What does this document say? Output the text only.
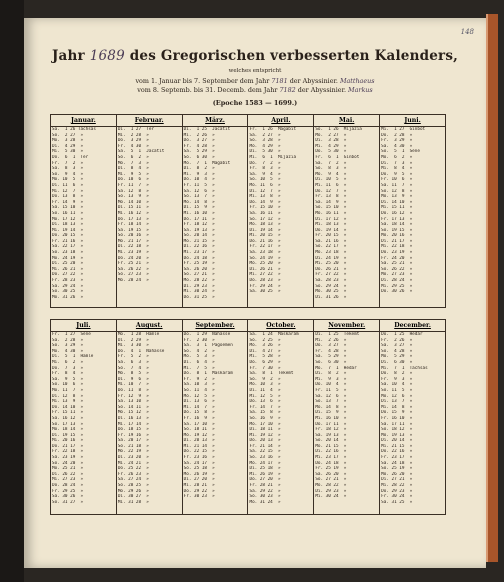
148
Jahr 1689 des Gregorischen verbesserten Kalenders,
welches entspricht
vom 1. Januar bis 7. September dem Jahr 7181 der Abyssinier. Matthaeus
vom 8. Septemb. bis 31. Decemb. dem Jahr 7182 der Abyssinier. Markus
(Epoche 1583 — 1699.)
Januar.
Sa.  1 26 Tachsas
So.  2 27  »
Mo.  3 28  »
Di.  4 29  »
Mi.  5 30  »
Do.  6  1  Ter
Fr.  7  2  »
Sa.  8  3  »
So.  9  4  »
Mo. 10  5  »
Di. 11  6  »
Mi. 12  7  »
Do. 13  8  »
Fr. 14  9  »
Sa. 15 10  »
So. 16 11  »
Mo. 17 12  »
Di. 18 13  »
Mi. 19 14  »
Do. 20 15  »
Fr. 21 16  »
Sa. 22 17  »
So. 23 18  »
Mo. 24 19  »
Di. 25 20  »
Mi. 26 21  »
Do. 27 22  »
Fr. 28 23  »
Sa. 29 24  »
So. 30 25  »
Mo. 31 26  »
Februar.
Di.  1 27  Ter
Mi.  2 28  »
Do.  3 29  »
Fr.  4 30  »
Sa.  5  1  Jacatit
So.  6  2  »
Mo.  7  3  »
Di.  8  4  »
Mi.  9  5  »
Do. 10  6  »
Fr. 11  7  »
Sa. 12  8  »
So. 13  9  »
Mo. 14 10  »
Di. 15 11  »
Mi. 16 12  »
Do. 17 13  »
Fr. 18 14  »
Sa. 19 15  »
So. 20 16  »
Mo. 21 17  »
Di. 22 18  »
Mi. 23 19  »
Do. 24 20  »
Fr. 25 21  »
Sa. 26 22  »
So. 27 23  »
Mo. 28 24  »
März.
Di.  1 25  Jacatit
Mi.  2 26  »
Do.  3 27  »
Fr.  4 28  »
Sa.  5 29  »
So.  6 30  »
Mo.  7  1  Magabit
Di.  8  2  »
Mi.  9  3  »
Do. 10  4  »
Fr. 11  5  »
Sa. 12  6  »
So. 13  7  »
Mo. 14  8  »
Di. 15  9  »
Mi. 16 10  »
Do. 17 11  »
Fr. 18 12  »
Sa. 19 13  »
So. 20 14  »
Mo. 21 15  »
Di. 22 16  »
Mi. 23 17  »
Do. 24 18  »
Fr. 25 19  »
Sa. 26 20  »
So. 27 21  »
Mo. 28 22  »
Di. 29 23  »
Mi. 30 24  »
Do. 31 25  »
April.
Fr.  1 26  Magabit
Sa.  2 27  »
So.  3 28  »
Mo.  4 29  »
Di.  5 30  »
Mi.  6  1  Mijazia
Do.  7  2  »
Fr.  8  3  »
Sa.  9  4  »
So. 10  5  »
Mo. 11  6  »
Di. 12  7  »
Mi. 13  8  »
Do. 14  9  »
Fr. 15 10  »
Sa. 16 11  »
So. 17 12  »
Mo. 18 13  »
Di. 19 14  »
Mi. 20 15  »
Do. 21 16  »
Fr. 22 17  »
Sa. 23 18  »
So. 24 19  »
Mo. 25 20  »
Di. 26 21  »
Mi. 27 22  »
Do. 28 23  »
Fr. 29 24  »
Sa. 30 25  »
Mai.
So.  1 26  Mijazia
Mo.  2 27  »
Di.  3 28  »
Mi.  4 29  »
Do.  5 30  »
Fr.  6  1  Ginbot
Sa.  7  2  »
So.  8  3  »
Mo.  9  4  »
Di. 10  5  »
Mi. 11  6  »
Do. 12  7  »
Fr. 13  8  »
Sa. 14  9  »
So. 15 10  »
Mo. 16 11  »
Di. 17 12  »
Mi. 18 13  »
Do. 19 14  »
Fr. 20 15  »
Sa. 21 16  »
So. 22 17  »
Mo. 23 18  »
Di. 24 19  »
Mi. 25 20  »
Do. 26 21  »
Fr. 27 22  »
Sa. 28 23  »
So. 29 24  »
Mo. 30 25  »
Di. 31 26  »
Juni.
Mi.  1 27  Ginbot
Do.  2 28  »
Fr.  3 29  »
Sa.  4 30  »
So.  5  1  Sene
Mo.  6  2  »
Di.  7  3  »
Mi.  8  4  »
Do.  9  5  »
Fr. 10  6  »
Sa. 11  7  »
So. 12  8  »
Mo. 13  9  »
Di. 14 10  »
Mi. 15 11  »
Do. 16 12  »
Fr. 17 13  »
Sa. 18 14  »
So. 19 15  »
Mo. 20 16  »
Di. 21 17  »
Mi. 22 18  »
Do. 23 19  »
Fr. 24 20  »
Sa. 25 21  »
So. 26 22  »
Mo. 27 23  »
Di. 28 24  »
Mi. 29 25  »
Do. 30 26  »
Juli.
Fr.  1 27  Sene
Sa.  2 28  »
So.  3 29  »
Mo.  4 30  »
Di.  5  1  Hamle
Mi.  6  2  »
Do.  7  3  »
Fr.  8  4  »
Sa.  9  5  »
So. 10  6  »
Mo. 11  7  »
Di. 12  8  »
Mi. 13  9  »
Do. 14 10  »
Fr. 15 11  »
Sa. 16 12  »
So. 17 13  »
Mo. 18 14  »
Di. 19 15  »
Mi. 20 16  »
Do. 21 17  »
Fr. 22 18  »
Sa. 23 19  »
So. 24 20  »
Mo. 25 21  »
Di. 26 22  »
Mi. 27 23  »
Do. 28 24  »
Fr. 29 25  »
Sa. 30 26  »
So. 31 27  »
August.
Mo.  1 28  Hamle
Di.  2 29  »
Mi.  3 30  »
Do.  4  1  Nahasse
Fr.  5  2  »
Sa.  6  3  »
So.  7  4  »
Mo.  8  5  »
Di.  9  6  »
Mi. 10  7  »
Do. 11  8  »
Fr. 12  9  »
Sa. 13 10  »
So. 14 11  »
Mo. 15 12  »
Di. 16 13  »
Mi. 17 14  »
Do. 18 15  »
Fr. 19 16  »
Sa. 20 17  »
So. 21 18  »
Mo. 22 19  »
Di. 23 20  »
Mi. 24 21  »
Do. 25 22  »
Fr. 26 23  »
Sa. 27 24  »
So. 28 25  »
Mo. 29 26  »
Di. 30 27  »
Mi. 31 28  »
September.
Do.  1 29  Nahasse
Fr.  2 30  »
Sa.  3  1  Pagoemen
So.  4  2  »
Mo.  5  3  »
Di.  6  4  »
Mi.  7  5  »
Do.  8  1  Maskaram
Fr.  9  2  »
Sa. 10  3  »
So. 11  4  »
Mo. 12  5  »
Di. 13  6  »
Mi. 14  7  »
Do. 15  8  »
Fr. 16  9  »
Sa. 17 10  »
So. 18 11  »
Mo. 19 12  »
Di. 20 13  »
Mi. 21 14  »
Do. 22 15  »
Fr. 23 16  »
Sa. 24 17  »
So. 25 18  »
Mo. 26 19  »
Di. 27 20  »
Mi. 28 21  »
Do. 29 22  »
Fr. 30 23  »
October.
Sa.  1 24  Maskaram
So.  2 25  »
Mo.  3 26  »
Di.  4 27  »
Mi.  5 28  »
Do.  6 29  »
Fr.  7 30  »
Sa.  8  1  Tekemt
So.  9  2  »
Mo. 10  3  »
Di. 11  4  »
Mi. 12  5  »
Do. 13  6  »
Fr. 14  7  »
Sa. 15  8  »
So. 16  9  »
Mo. 17 10  »
Di. 18 11  »
Mi. 19 12  »
Do. 20 13  »
Fr. 21 14  »
Sa. 22 15  »
So. 23 16  »
Mo. 24 17  »
Di. 25 18  »
Mi. 26 19  »
Do. 27 20  »
Fr. 28 21  »
Sa. 29 22  »
So. 30 23  »
Mo. 31 24  »
November.
Di.  1 25  Tekemt
Mi.  2 26  »
Do.  3 27  »
Fr.  4 28  »
Sa.  5 29  »
So.  6 30  »
Mo.  7  1  Hedar
Di.  8  2  »
Mi.  9  3  »
Do. 10  4  »
Fr. 11  5  »
Sa. 12  6  »
So. 13  7  »
Mo. 14  8  »
Di. 15  9  »
Mi. 16 10  »
Do. 17 11  »
Fr. 18 12  »
Sa. 19 13  »
So. 20 14  »
Mo. 21 15  »
Di. 22 16  »
Mi. 23 17  »
Do. 24 18  »
Fr. 25 19  »
Sa. 26 20  »
So. 27 21  »
Mo. 28 22  »
Di. 29 23  »
Mi. 30 24  »
December.
Do.  1 25  Hedar
Fr.  2 26  »
Sa.  3 27  »
So.  4 28  »
Mo.  5 29  »
Di.  6 30  »
Mi.  7  1  Tachsas
Do.  8  2  »
Fr.  9  3  »
Sa. 10  4  »
So. 11  5  »
Mo. 12  6  »
Di. 13  7  »
Mi. 14  8  »
Do. 15  9  »
Fr. 16 10  »
Sa. 17 11  »
So. 18 12  »
Mo. 19 13  »
Di. 20 14  »
Mi. 21 15  »
Do. 22 16  »
Fr. 23 17  »
Sa. 24 18  »
So. 25 19  »
Mo. 26 20  »
Di. 27 21  »
Mi. 28 22  »
Do. 29 23  »
Fr. 30 24  »
Sa. 31 25  »
